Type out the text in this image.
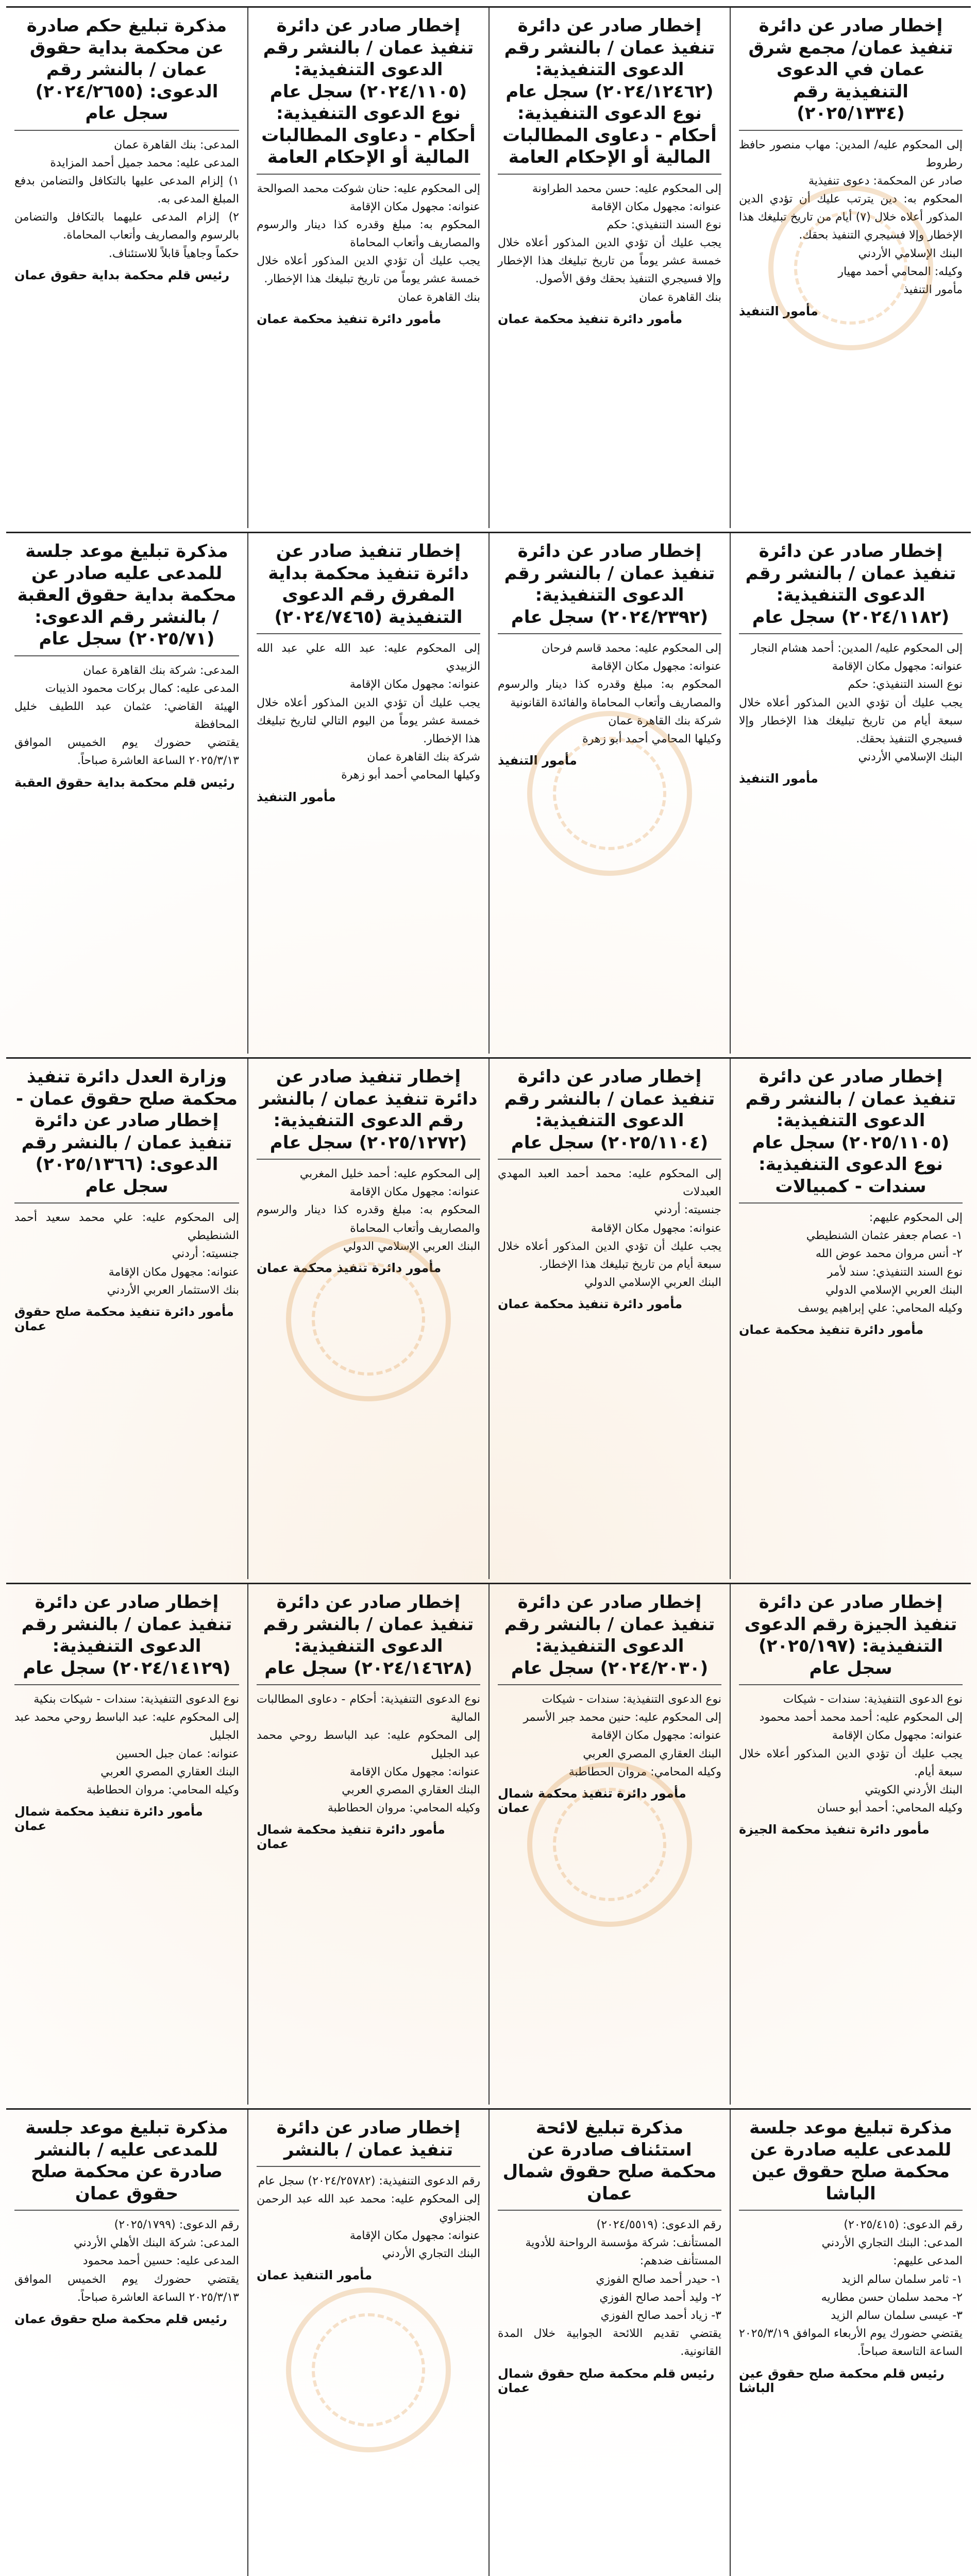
إخطار صادر عن دائرة تنفيذ عمان/ مجمع شرق عمان في الدعوى التنفيذية رقم (٢٠٢٥/١٣٣٤)
إلى المحكوم عليه/ المدين: مهاب منصور حافظ رطروط
صادر عن المحكمة: دعوى تنفيذية
المحكوم به: دين يترتب عليك أن تؤدي الدين المذكور أعلاه خلال (٧) أيام من تاريخ تبليغك هذا الإخطار وإلا فسيجري التنفيذ بحقك.
البنك الإسلامي الأردني
وكيله: المحامي أحمد مهيار
مأمور التنفيذ
مأمور التنفيذ
إخطار صادر عن دائرة تنفيذ عمان / بالنشر رقم الدعوى التنفيذية: (٢٠٢٤/١٢٤٦٢) سجل عام نوع الدعوى التنفيذية: أحكام - دعاوى المطالبات المالية أو الإحكام العامة
إلى المحكوم عليه: حسن محمد الطراونة
عنوانه: مجهول مكان الإقامة
نوع السند التنفيذي: حكم
يجب عليك أن تؤدي الدين المذكور أعلاه خلال خمسة عشر يوماً من تاريخ تبليغك هذا الإخطار وإلا فسيجري التنفيذ بحقك وفق الأصول.
بنك القاهرة عمان
مأمور دائرة تنفيذ محكمة عمان
إخطار صادر عن دائرة تنفيذ عمان / بالنشر رقم الدعوى التنفيذية: (٢٠٢٤/١١٠٥) سجل عام نوع الدعوى التنفيذية: أحكام - دعاوى المطالبات المالية أو الإحكام العامة
إلى المحكوم عليه: حنان شوكت محمد الصوالحة
عنوانه: مجهول مكان الإقامة
المحكوم به: مبلغ وقدره كذا دينار والرسوم والمصاريف وأتعاب المحاماة
يجب عليك أن تؤدي الدين المذكور أعلاه خلال خمسة عشر يوماً من تاريخ تبليغك هذا الإخطار.
بنك القاهرة عمان
مأمور دائرة تنفيذ محكمة عمان
مذكرة تبليغ حكم صادرة عن محكمة بداية حقوق عمان / بالنشر رقم الدعوى: (٢٠٢٤/٢٦٥٥) سجل عام
المدعى: بنك القاهرة عمان
المدعى عليه: محمد جميل أحمد المزايدة
١) إلزام المدعى عليها بالتكافل والتضامن بدفع المبلغ المدعى به.
٢) إلزام المدعى عليهما بالتكافل والتضامن بالرسوم والمصاريف وأتعاب المحاماة.
حكماً وجاهياً قابلاً للاستئناف.
رئيس قلم محكمة بداية حقوق عمان
إخطار صادر عن دائرة تنفيذ عمان / بالنشر رقم الدعوى التنفيذية: (٢٠٢٤/١١٨٢) سجل عام
إلى المحكوم عليه/ المدين: أحمد هشام النجار
عنوانه: مجهول مكان الإقامة
نوع السند التنفيذي: حكم
يجب عليك أن تؤدي الدين المذكور أعلاه خلال سبعة أيام من تاريخ تبليغك هذا الإخطار وإلا فسيجري التنفيذ بحقك.
البنك الإسلامي الأردني
مأمور التنفيذ
إخطار صادر عن دائرة تنفيذ عمان / بالنشر رقم الدعوى التنفيذية: (٢٠٢٤/٢٣٩٢) سجل عام
إلى المحكوم عليه: محمد قاسم فرحان
عنوانه: مجهول مكان الإقامة
المحكوم به: مبلغ وقدره كذا دينار والرسوم والمصاريف وأتعاب المحاماة والفائدة القانونية
شركة بنك القاهرة عمان
وكيلها المحامي أحمد أبو زهرة
مأمور التنفيذ
إخطار تنفيذ صادر عن دائرة تنفيذ محكمة بداية المفرق رقم الدعوى التنفيذية (٢٠٢٤/٧٤٦٥)
إلى المحكوم عليه: عبد الله علي عبد الله الزبيدي
عنوانه: مجهول مكان الإقامة
يجب عليك أن تؤدي الدين المذكور أعلاه خلال خمسة عشر يوماً من اليوم التالي لتاريخ تبليغك هذا الإخطار.
شركة بنك القاهرة عمان
وكيلها المحامي أحمد أبو زهرة
مأمور التنفيذ
مذكرة تبليغ موعد جلسة للمدعى عليه صادر عن محكمة بداية حقوق العقبة / بالنشر رقم الدعوى: (٢٠٢٥/٧١) سجل عام
المدعى: شركة بنك القاهرة عمان
المدعى عليه: كمال بركات محمود الذيبات
الهيئة القاضي: عثمان عبد اللطيف خليل المحافظة
يقتضي حضورك يوم الخميس الموافق ٢٠٢٥/٣/١٣ الساعة العاشرة صباحاً.
رئيس قلم محكمة بداية حقوق العقبة
إخطار صادر عن دائرة تنفيذ عمان / بالنشر رقم الدعوى التنفيذية: (٢٠٢٥/١١٠٥) سجل عام نوع الدعوى التنفيذية: سندات - كمبيالات
إلى المحكوم عليهم:
١- عصام جعفر عثمان الشنطيطي
٢- أنس مروان محمد عوض الله
نوع السند التنفيذي: سند لأمر
البنك العربي الإسلامي الدولي
وكيله المحامي: علي إبراهيم يوسف
مأمور دائرة تنفيذ محكمة عمان
إخطار صادر عن دائرة تنفيذ عمان / بالنشر رقم الدعوى التنفيذية: (٢٠٢٥/١١٠٤) سجل عام
إلى المحكوم عليه: محمد أحمد العبد المهدي العبدلات
جنسيته: أردني
عنوانه: مجهول مكان الإقامة
يجب عليك أن تؤدي الدين المذكور أعلاه خلال سبعة أيام من تاريخ تبليغك هذا الإخطار.
البنك العربي الإسلامي الدولي
مأمور دائرة تنفيذ محكمة عمان
إخطار تنفيذ صادر عن دائرة تنفيذ عمان / بالنشر رقم الدعوى التنفيذية: (٢٠٢٥/١٢٧٢) سجل عام
إلى المحكوم عليه: أحمد خليل المغربي
عنوانه: مجهول مكان الإقامة
المحكوم به: مبلغ وقدره كذا دينار والرسوم والمصاريف وأتعاب المحاماة
البنك العربي الإسلامي الدولي
مأمور دائرة تنفيذ محكمة عمان
وزارة العدل دائرة تنفيذ محكمة صلح حقوق عمان - إخطار صادر عن دائرة تنفيذ عمان / بالنشر رقم الدعوى: (٢٠٢٥/١٣٦٦) سجل عام
إلى المحكوم عليه: علي محمد سعيد أحمد الشنطيطي
جنسيته: أردني
عنوانه: مجهول مكان الإقامة
بنك الاستثمار العربي الأردني
مأمور دائرة تنفيذ محكمة صلح حقوق عمان
إخطار صادر عن دائرة تنفيذ الجيزة رقم الدعوى التنفيذية: (٢٠٢٥/١٩٧) سجل عام
نوع الدعوى التنفيذية: سندات - شيكات
إلى المحكوم عليه: أحمد محمد أحمد محمود
عنوانه: مجهول مكان الإقامة
يجب عليك أن تؤدي الدين المذكور أعلاه خلال سبعة أيام.
البنك الأردني الكويتي
وكيله المحامي: أحمد أبو حسان
مأمور دائرة تنفيذ محكمة الجيزة
إخطار صادر عن دائرة تنفيذ عمان / بالنشر رقم الدعوى التنفيذية: (٢٠٢٤/٢٠٣٠) سجل عام
نوع الدعوى التنفيذية: سندات - شيكات
إلى المحكوم عليه: حنين محمد جبر الأسمر
عنوانه: مجهول مكان الإقامة
البنك العقاري المصري العربي
وكيله المحامي: مروان الحطاطبة
مأمور دائرة تنفيذ محكمة شمال عمان
إخطار صادر عن دائرة تنفيذ عمان / بالنشر رقم الدعوى التنفيذية: (٢٠٢٤/١٤٦٢٨) سجل عام
نوع الدعوى التنفيذية: أحكام - دعاوى المطالبات المالية
إلى المحكوم عليه: عبد الباسط روحي محمد عبد الجليل
عنوانه: مجهول مكان الإقامة
البنك العقاري المصري العربي
وكيله المحامي: مروان الحطاطبة
مأمور دائرة تنفيذ محكمة شمال عمان
إخطار صادر عن دائرة تنفيذ عمان / بالنشر رقم الدعوى التنفيذية: (٢٠٢٤/١٤١٢٩) سجل عام
نوع الدعوى التنفيذية: سندات - شيكات بنكية
إلى المحكوم عليه: عبد الباسط روحي محمد عبد الجليل
عنوانه: عمان جبل الحسين
البنك العقاري المصري العربي
وكيله المحامي: مروان الحطاطبة
مأمور دائرة تنفيذ محكمة شمال عمان
مذكرة تبليغ موعد جلسة للمدعى عليه صادرة عن محكمة صلح حقوق عين الباشا
رقم الدعوى: (٢٠٢٥/٤١٥)
المدعى: البنك التجاري الأردني
المدعى عليهم:
١- ثامر سلمان سالم الزيد
٢- محمد سلمان حسن مطاريه
٣- عيسى سلمان سالم الزيد
يقتضي حضورك يوم الأربعاء الموافق ٢٠٢٥/٣/١٩ الساعة التاسعة صباحاً.
رئيس قلم محكمة صلح حقوق عين الباشا
مذكرة تبليغ لائحة استئناف صادرة عن محكمة صلح حقوق شمال عمان
رقم الدعوى: (٢٠٢٤/٥٥١٩)
المستأنف: شركة مؤسسة الرواحنة للأدوية
المستأنف ضدهم:
١- حيدر أحمد صالح الفوزي
٢- وليد أحمد صالح الفوزي
٣- زياد أحمد صالح الفوزي
يقتضي تقديم اللائحة الجوابية خلال المدة القانونية.
رئيس قلم محكمة صلح حقوق شمال عمان
إخطار صادر عن دائرة تنفيذ عمان / بالنشر
رقم الدعوى التنفيذية: (٢٠٢٤/٢٥٧٨٢) سجل عام
إلى المحكوم عليه: محمد عبد الله عبد الرحمن الجنزاوي
عنوانه: مجهول مكان الإقامة
البنك التجاري الأردني
مأمور التنفيذ عمان
مذكرة تبليغ موعد جلسة للمدعى عليه / بالنشر صادرة عن محكمة صلح حقوق عمان
رقم الدعوى: (٢٠٢٥/١٧٩٩)
المدعى: شركة البنك الأهلي الأردني
المدعى عليه: حسين أحمد محمود
يقتضي حضورك يوم الخميس الموافق ٢٠٢٥/٣/١٣ الساعة العاشرة صباحاً.
رئيس قلم محكمة صلح حقوق عمان
